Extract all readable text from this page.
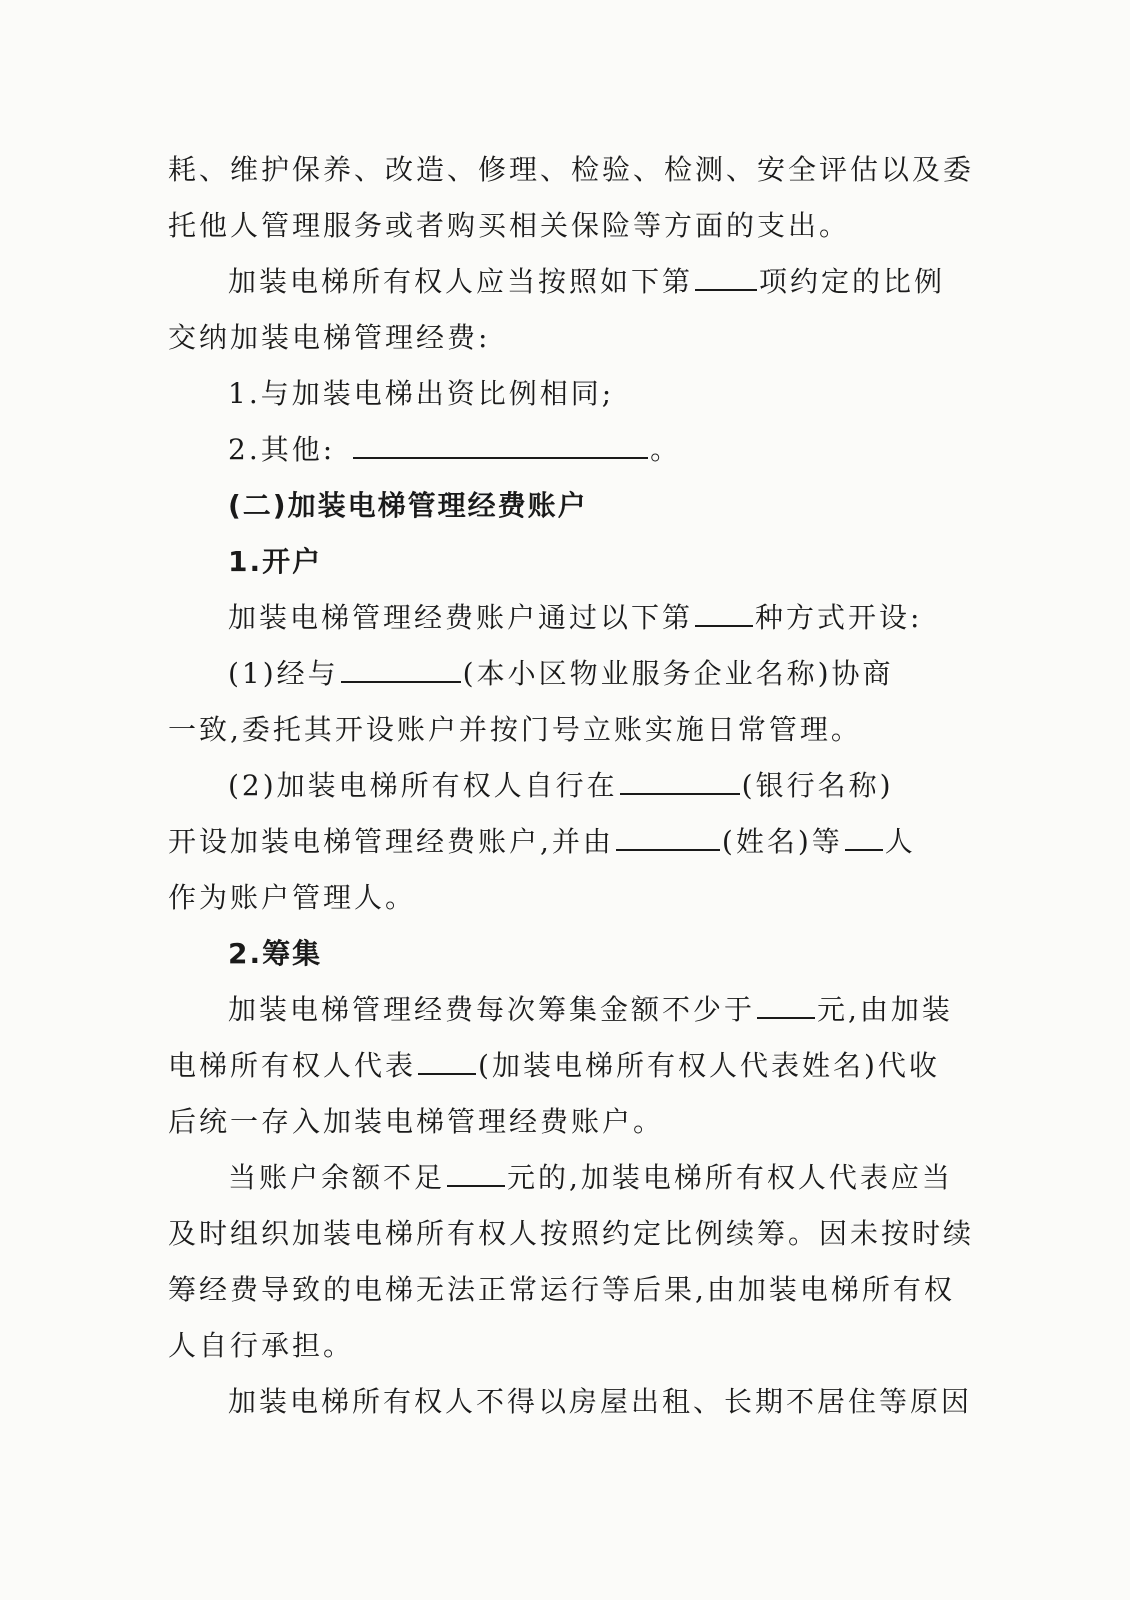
耗、维护保养、改造、修理、检验、检测、安全评估以及委
托他人管理服务或者购买相关保险等方面的支出。
加装电梯所有权人应当按照如下第 项约定的比例
交纳加装电梯管理经费:
1.与加装电梯出资比例相同;
2.其他:	。
(二)加装电梯管理经费账户
1.开户
加装电梯管理经费账户通过以下第 种方式开设:
(1)经与	(本小区物业服务企业名称)协商
一致,委托其开设账户并按门号立账实施日常管理。
(2)加装电梯所有权人自行在	(银行名称)
开设加装电梯管理经费账户,并由	(姓名)等 人
作为账户管理人。
2.筹集
加装电梯管理经费每次筹集金额不少于 元,由加装
电梯所有权人代表 (加装电梯所有权人代表姓名)代收
后统一存入加装电梯管理经费账户。
当账户余额不足 元的,加装电梯所有权人代表应当
及时组织加装电梯所有权人按照约定比例续筹。因未按时续
筹经费导致的电梯无法正常运行等后果,由加装电梯所有权
人自行承担。
加装电梯所有权人不得以房屋出租、长期不居住等原因
